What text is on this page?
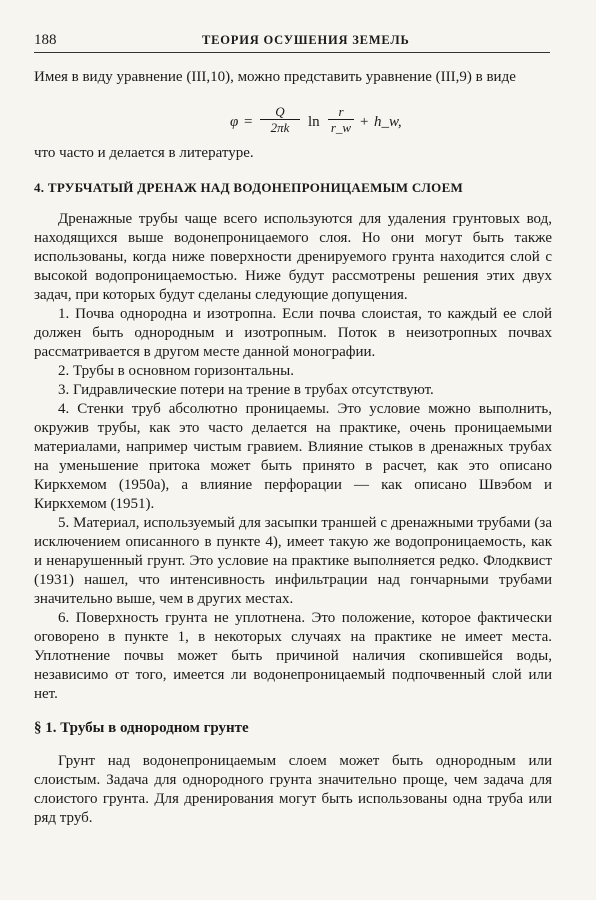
188	ТЕОРИЯ ОСУШЕНИЯ ЗЕМЕЛЬ

Имея в виду уравнение (III,10), можно представить уравнение (III,9) в виде

φ =
Q
2πk	ln
r
r_w + h_w,

что часто и делается в литературе.

4. ТРУБЧАТЫЙ ДРЕНАЖ НАД ВОДОНЕПРОНИЦАЕМЫМ СЛОЕМ

Дренажные трубы чаще всего используются для удаления грунтовых вод, находящихся выше водонепроницаемого слоя. Но они могут быть также использованы, когда ниже поверхности дренируемого грунта находится слой с высокой водопроницаемостью. Ниже будут рассмотрены решения этих двух задач, при которых будут сделаны следующие допущения.

1. Почва однородна и изотропна. Если почва слоистая, то каждый ее слой должен быть однородным и изотропным. Поток в неизотропных почвах рассматривается в другом месте данной монографии.

2. Трубы в основном горизонтальны.

3. Гидравлические потери на трение в трубах отсутствуют.

4. Стенки труб абсолютно проницаемы. Это условие можно выполнить, окружив трубы, как это часто делается на практике, очень проницаемыми материалами, например чистым гравием. Влияние стыков в дренажных трубах на уменьшение притока может быть принято в расчет, как это описано Киркхемом (1950а), а влияние перфорации — как описано Швэбом и Киркхемом (1951).

5. Материал, используемый для засыпки траншей с дренажными трубами (за исключением описанного в пункте 4), имеет такую же водопроницаемость, как и ненарушенный грунт. Это условие на практике выполняется редко. Флодквист (1931) нашел, что интенсивность инфильтрации над гончарными трубами значительно выше, чем в других местах.

6. Поверхность грунта не уплотнена. Это положение, которое фактически оговорено в пункте 1, в некоторых случаях на практике не имеет места. Уплотнение почвы может быть причиной наличия скопившейся воды, независимо от того, имеется ли водонепроницаемый подпочвенный слой или нет.

§ 1. Трубы в однородном грунте

Грунт над водонепроницаемым слоем может быть однородным или слоистым. Задача для однородного грунта значительно проще, чем задача для слоистого грунта. Для дренирования могут быть использованы одна труба или ряд труб.
